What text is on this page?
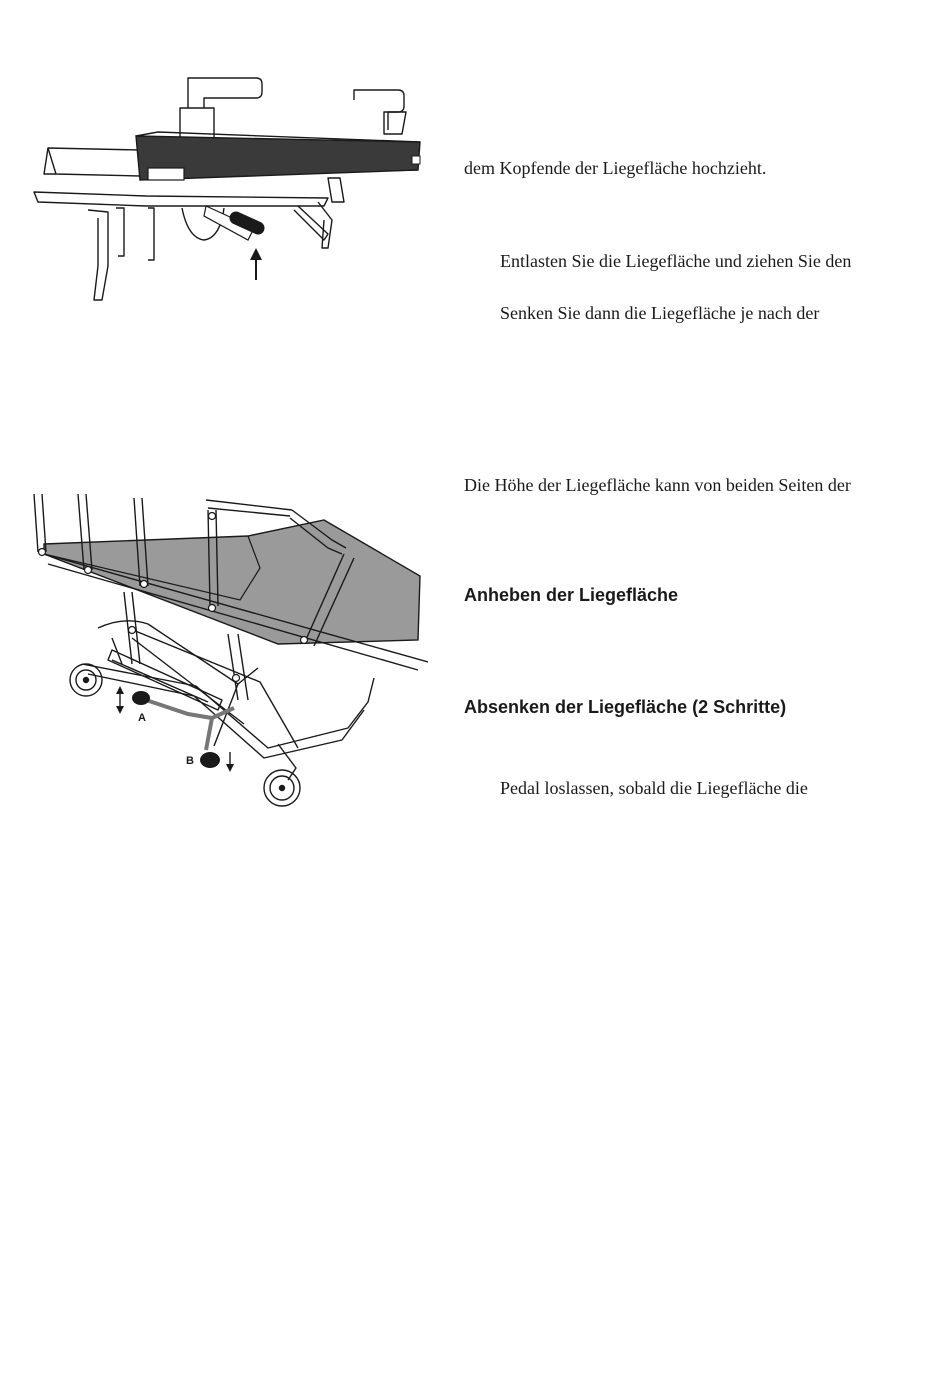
A
B
dem Kopfende der Liegefläche hochzieht.
Entlasten Sie die Liegefläche und ziehen Sie den
Senken Sie dann die Liegefläche je nach der
Die Höhe der Liegefläche kann von beiden Seiten der
Anheben der Liegefläche
Absenken der Liegefläche (2 Schritte)
Pedal loslassen, sobald die Liegefläche die
